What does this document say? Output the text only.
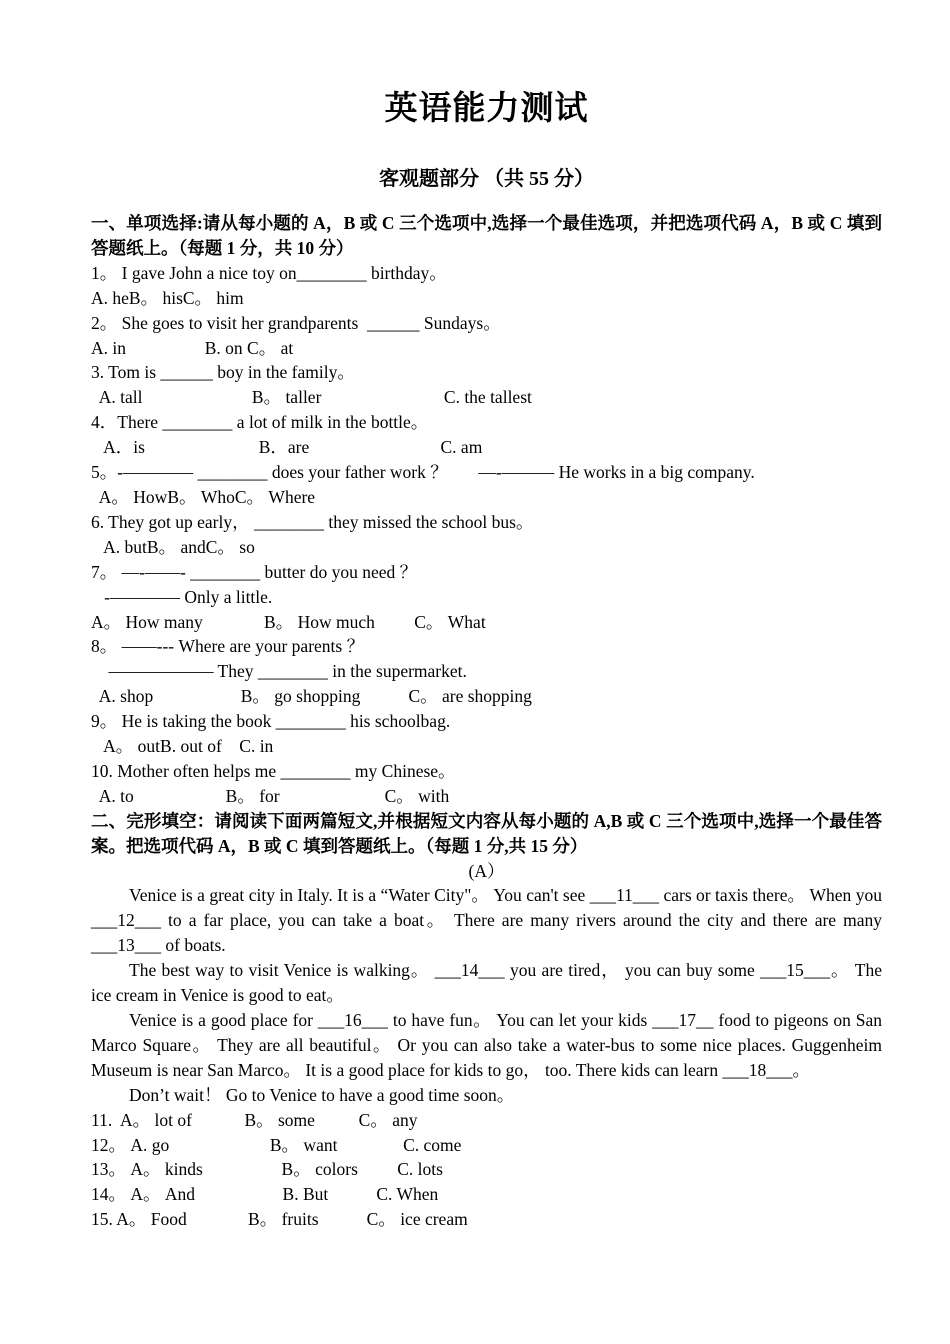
英语能力测试
客观题部分 （共 55 分）

一、单项选择:请从每小题的 A，B 或 C 三个选项中,选择一个最佳选项，并把选项代码 A，B 或 C 填到答题纸上。（每题 1 分，共 10 分）

1。 I gave John a nice toy on________ birthday。

A. heB。 hisC。 him

2。 She goes to visit her grandparents  ______ Sundays。

A. in                  B. on C。 at

3. Tom is ______ boy in the family。

A. tall                         B。 taller                            C. the tallest

4．There ________ a lot of milk in the bottle。

A．is                          B．are                              C. am

5。-―――― ________ does your father work ？       ―-――― He works in a big company.

A。 HowB。 WhoC。 Where

6. They got up early， ________ they missed the school bus。

A. butB。 andC。 so

7。 ―-――- ________ butter do you need ？

-―――― Only a little.

A。 How many              B。 How much         C。 What

8。 ――--- Where are your parents ？

―――――― They ________ in the supermarket.

A. shop                    B。 go shopping           C。 are shopping

9。 He is taking the book ________ his schoolbag.

A。 outB. out of    C. in

10. Mother often helps me ________ my Chinese。

A. to                     B。 for                        C。 with

二、完形填空：请阅读下面两篇短文,并根据短文内容从每小题的 A,B 或 C 三个选项中,选择一个最佳答案。把选项代码 A，B 或 C 填到答题纸上。（每题 1 分,共 15 分）

(A）

Venice is a great city in Italy. It is a “Water City"。 You can't see ___11___ cars or taxis there。 When you ___12___ to a far place, you can take a boat。 There are many rivers around the city and there are many ___13___ of boats.

The best way to visit Venice is walking。 ___14___ you are tired， you can buy some ___15___。 The ice cream in Venice is good to eat。

Venice is a good place for ___16___ to have fun。 You can let your kids ___17__ food to pigeons on San Marco Square。 They are all beautiful。 Or you can also take a water-bus to some nice places. Guggenheim Museum is near San Marco。 It is a good place for kids to go， too. There kids can learn ___18___。

Don’t wait！ Go to Venice to have a good time soon。

11.  A。 lot of            B。 some          C。 any

12。 A. go                       B。 want               C. come

13。 A。 kinds                  B。 colors         C. lots

14。 A。 And                    B. But           C. When

15. A。 Food              B。 fruits           C。 ice cream
